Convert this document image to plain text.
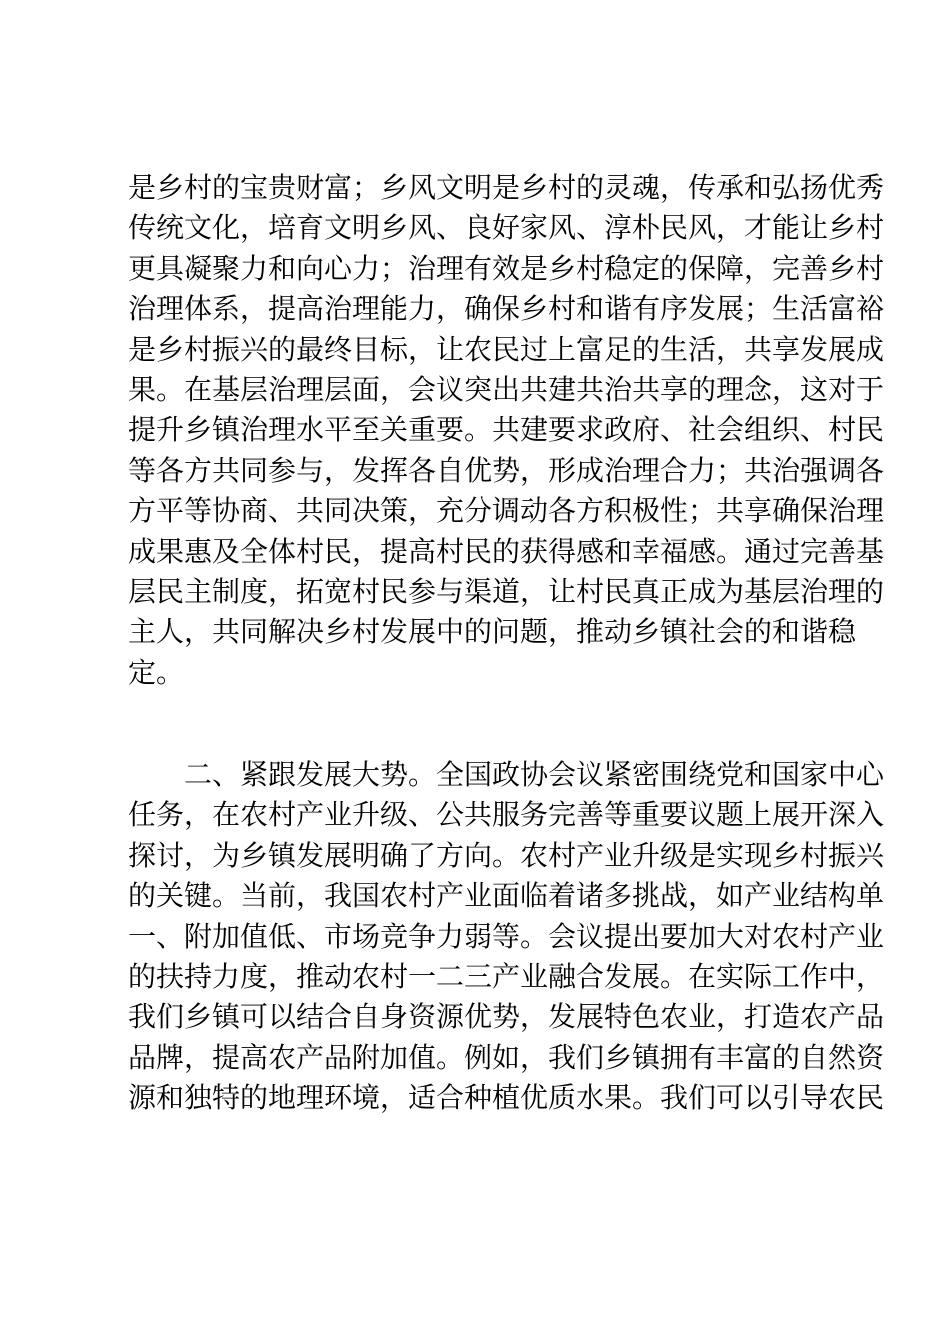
是乡村的宝贵财富；乡风文明是乡村的灵魂，传承和弘扬优秀
传统文化，培育文明乡风、良好家风、淳朴民风，才能让乡村
更具凝聚力和向心力；治理有效是乡村稳定的保障，完善乡村
治理体系，提高治理能力，确保乡村和谐有序发展；生活富裕
是乡村振兴的最终目标，让农民过上富足的生活，共享发展成
果。在基层治理层面，会议突出共建共治共享的理念，这对于
提升乡镇治理水平至关重要。共建要求政府、社会组织、村民
等各方共同参与，发挥各自优势，形成治理合力；共治强调各
方平等协商、共同决策，充分调动各方积极性；共享确保治理
成果惠及全体村民，提高村民的获得感和幸福感。通过完善基
层民主制度，拓宽村民参与渠道，让村民真正成为基层治理的
主人，共同解决乡村发展中的问题，推动乡镇社会的和谐稳
定。
　　二、紧跟发展大势。全国政协会议紧密围绕党和国家中心
任务，在农村产业升级、公共服务完善等重要议题上展开深入
探讨，为乡镇发展明确了方向。农村产业升级是实现乡村振兴
的关键。当前，我国农村产业面临着诸多挑战，如产业结构单
一、附加值低、市场竞争力弱等。会议提出要加大对农村产业
的扶持力度，推动农村一二三产业融合发展。在实际工作中，
我们乡镇可以结合自身资源优势，发展特色农业，打造农产品
品牌，提高农产品附加值。例如，我们乡镇拥有丰富的自然资
源和独特的地理环境，适合种植优质水果。我们可以引导农民
